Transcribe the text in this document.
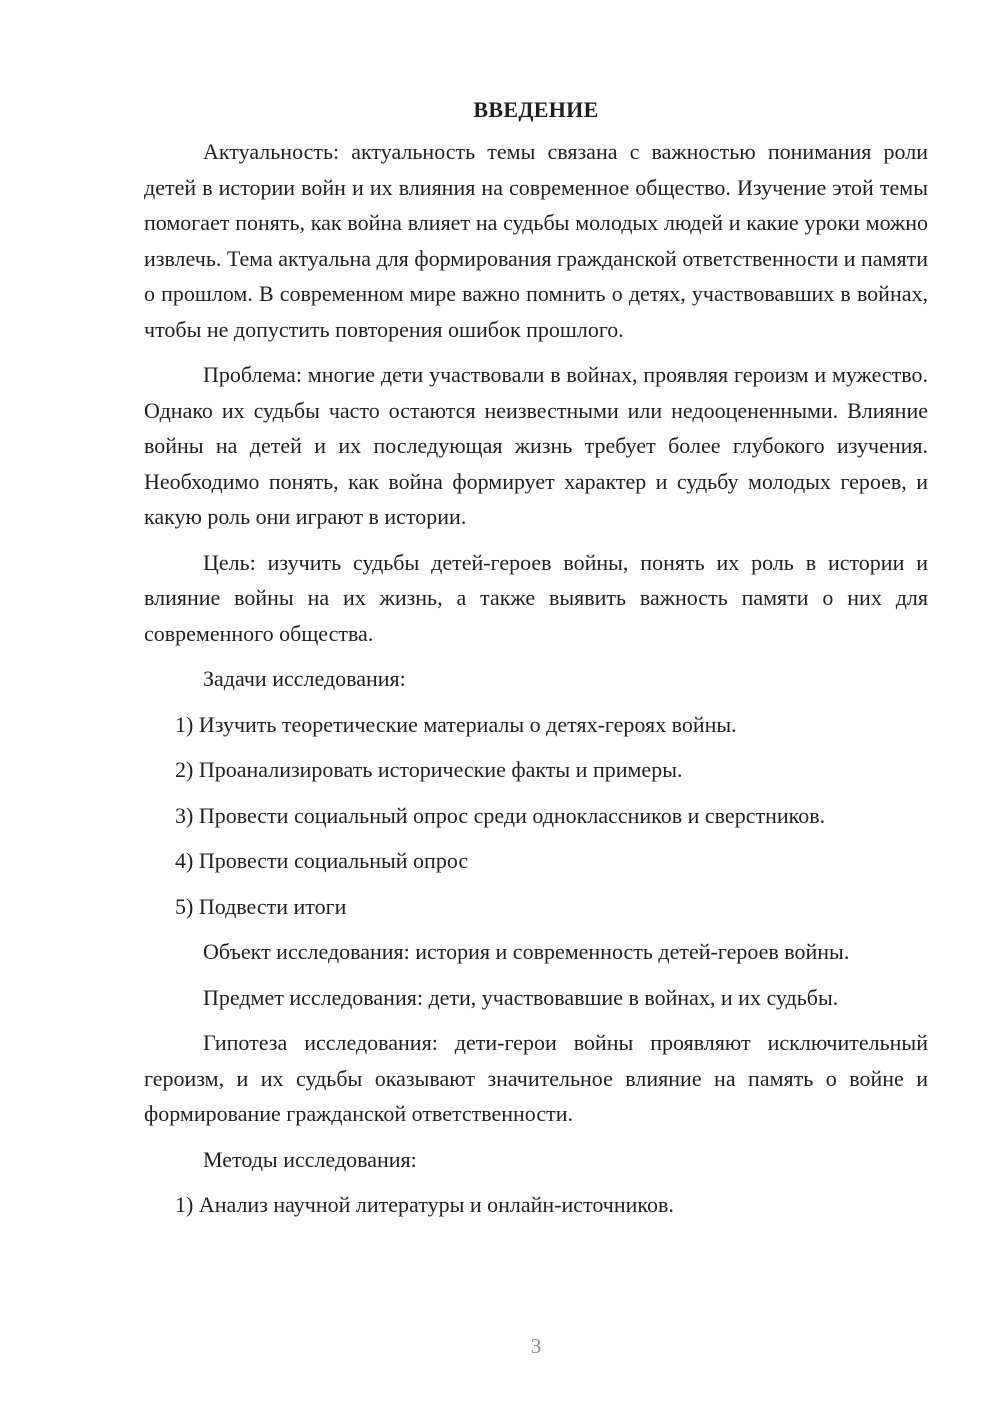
ВВЕДЕНИЕ

Актуальность: актуальность темы связана с важностью понимания роли детей в истории войн и их влияния на современное общество. Изучение этой темы помогает понять, как война влияет на судьбы молодых людей и какие уроки можно извлечь. Тема актуальна для формирования гражданской ответственности и памяти о прошлом. В современном мире важно помнить о детях, участвовавших в войнах, чтобы не допустить повторения ошибок прошлого.

Проблема: многие дети участвовали в войнах, проявляя героизм и мужество. Однако их судьбы часто остаются неизвестными или недооцененными. Влияние войны на детей и их последующая жизнь требует более глубокого изучения. Необходимо понять, как война формирует характер и судьбу молодых героев, и какую роль они играют в истории.

Цель: изучить судьбы детей-героев войны, понять их роль в истории и влияние войны на их жизнь, а также выявить важность памяти о них для современного общества.

Задачи исследования:

1) Изучить теоретические материалы о детях-героях войны.

2) Проанализировать исторические факты и примеры.

3) Провести социальный опрос среди одноклассников и сверстников.

4) Провести социальный опрос

5) Подвести итоги

Объект исследования: история и современность детей-героев войны.

Предмет исследования: дети, участвовавшие в войнах, и их судьбы.

Гипотеза исследования: дети-герои войны проявляют исключительный героизм, и их судьбы оказывают значительное влияние на память о войне и формирование гражданской ответственности.

Методы исследования:

1) Анализ научной литературы и онлайн-источников.

3
